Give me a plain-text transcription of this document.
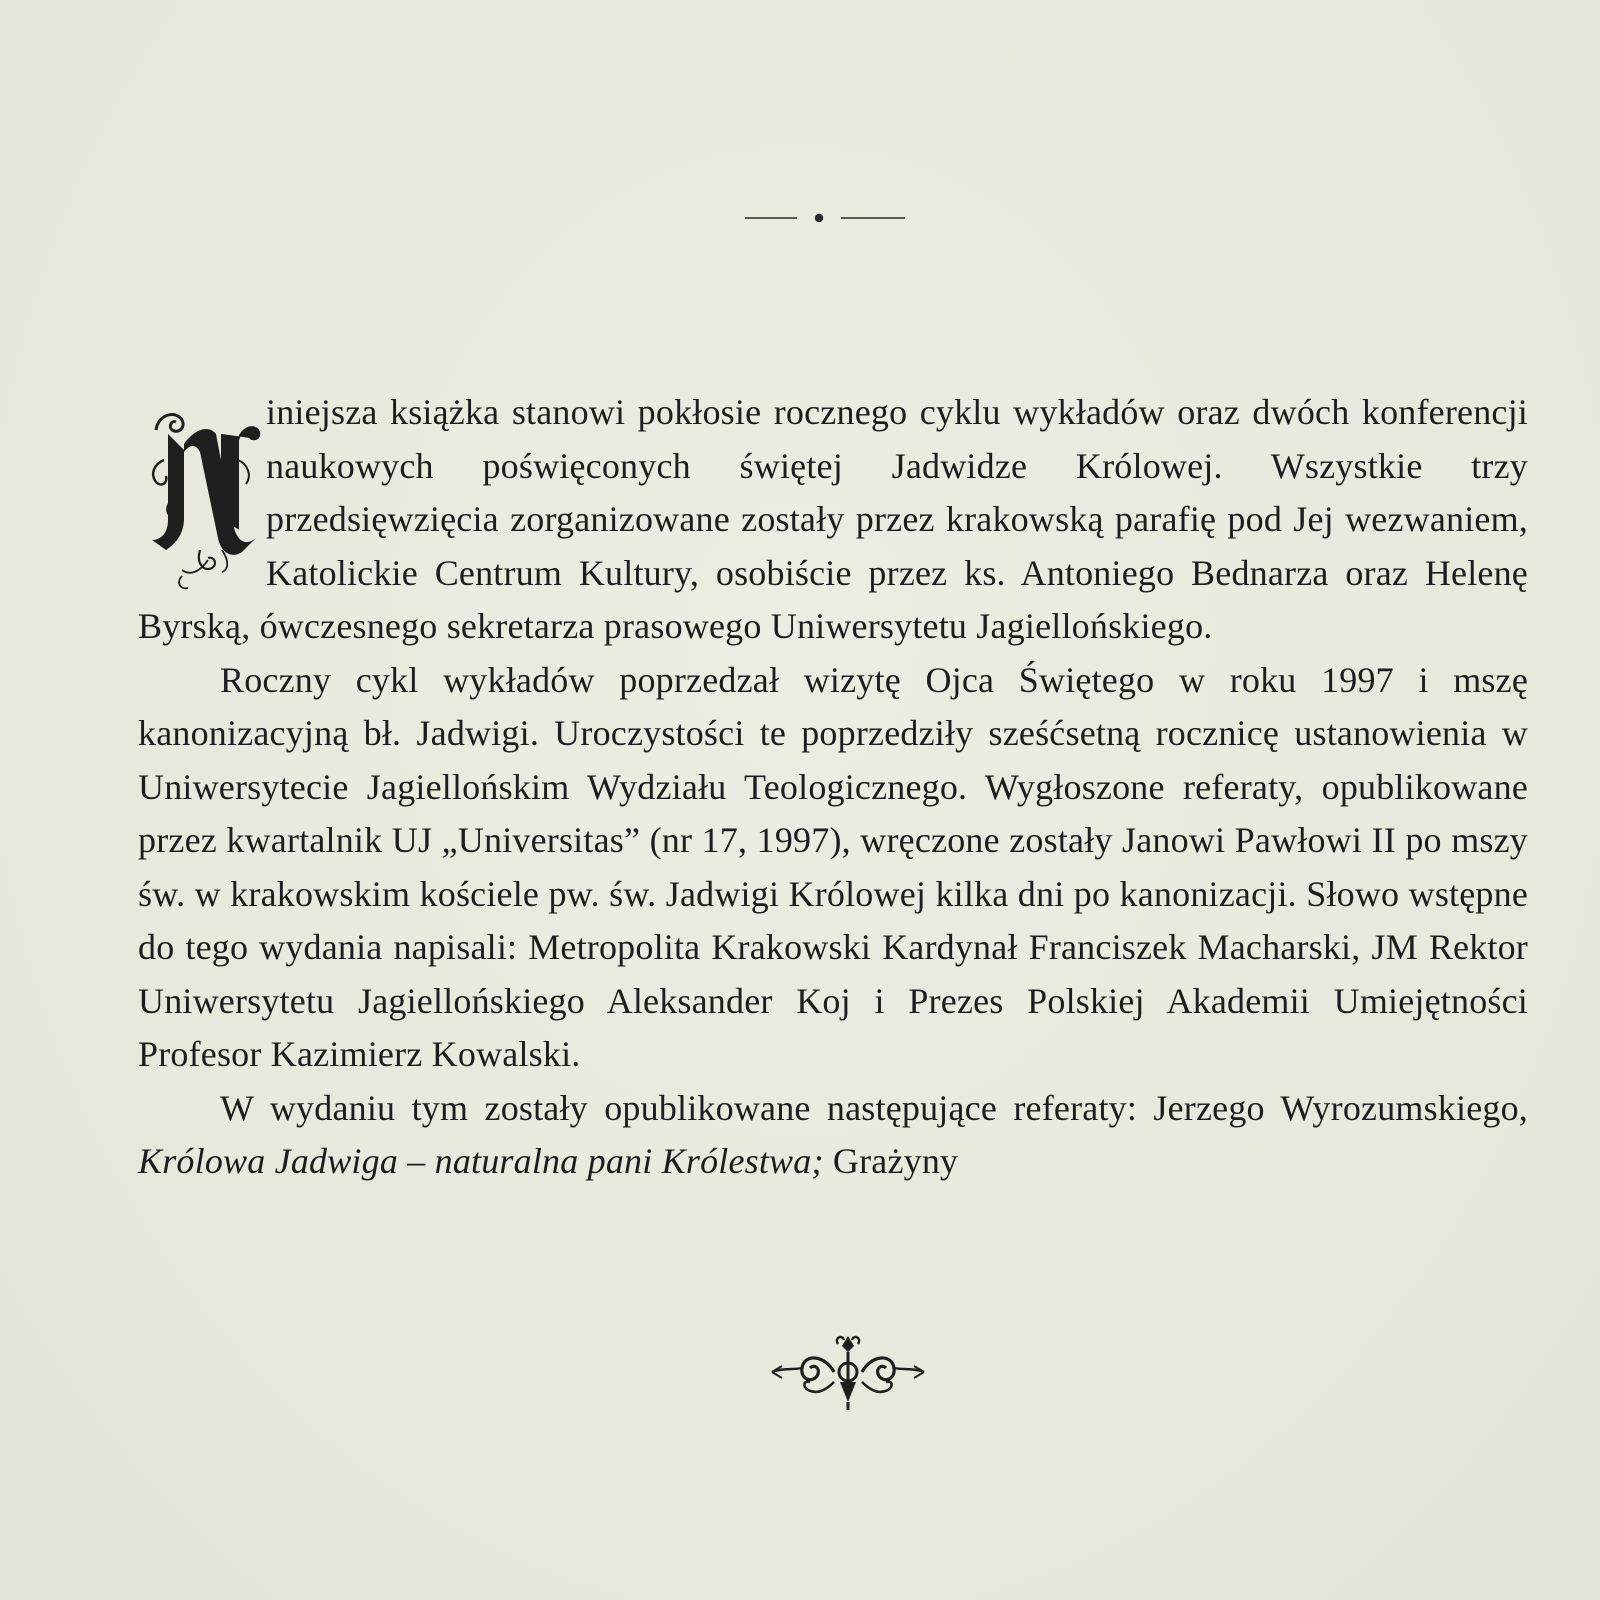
iniejsza książka stanowi pokłosie rocznego cyklu wykładów oraz dwóch konferencji naukowych poświęconych świętej Jadwidze Królowej. Wszystkie trzy przedsięwzięcia zorganizowane zostały przez krakowską parafię pod Jej wezwaniem, Katolickie Centrum Kultury, osobiście przez ks. Antoniego Bednarza oraz Helenę Byrską, ówczesnego sekretarza prasowego Uniwersytetu Jagiellońskiego.

Roczny cykl wykładów poprzedzał wizytę Ojca Świętego w roku 1997 i mszę kanonizacyjną bł. Jadwigi. Uroczystości te poprzedziły sześćsetną rocznicę ustanowienia w Uniwersytecie Jagiellońskim Wydziału Teologicznego. Wygłoszone referaty, opublikowane przez kwartalnik UJ „Universitas” (nr 17, 1997), wręczone zostały Janowi Pawłowi II po mszy św. w krakowskim kościele pw. św. Jadwigi Królowej kilka dni po kanonizacji. Słowo wstępne do tego wydania napisali: Metropolita Krakowski Kardynał Franciszek Macharski, JM Rektor Uniwersytetu Jagiellońskiego Aleksander Koj i Prezes Polskiej Akademii Umiejętności Profesor Kazimierz Kowalski.

W wydaniu tym zostały opublikowane następujące referaty: Jerzego Wyrozumskiego, Królowa Jadwiga – naturalna pani Królestwa; Grażyny
